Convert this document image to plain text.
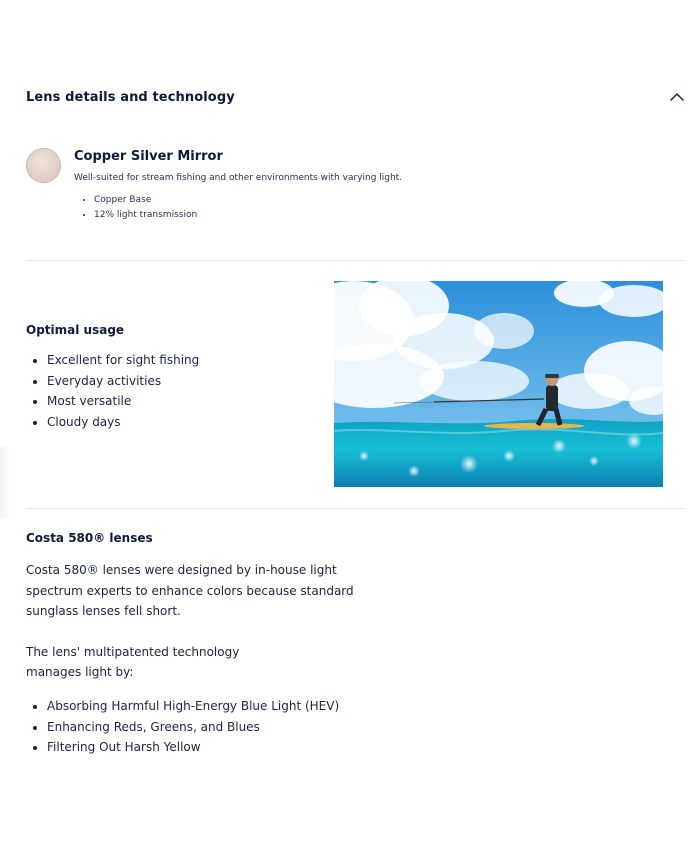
Lens details and technology
Copper Silver Mirror
Well-suited for stream fishing and other environments with varying light.
• Copper Base
• 12% light transmission
Optimal usage
• Excellent for sight fishing
• Everyday activities
• Most versatile
• Cloudy days
Costa 580® lenses

Costa 580® lenses were designed by in-house light spectrum experts to enhance colors because standard sunglass lenses fell short.

The lens' multipatented technology manages light by:

• Absorbing Harmful High-Energy Blue Light (HEV)
• Enhancing Reds, Greens, and Blues
• Filtering Out Harsh Yellow
